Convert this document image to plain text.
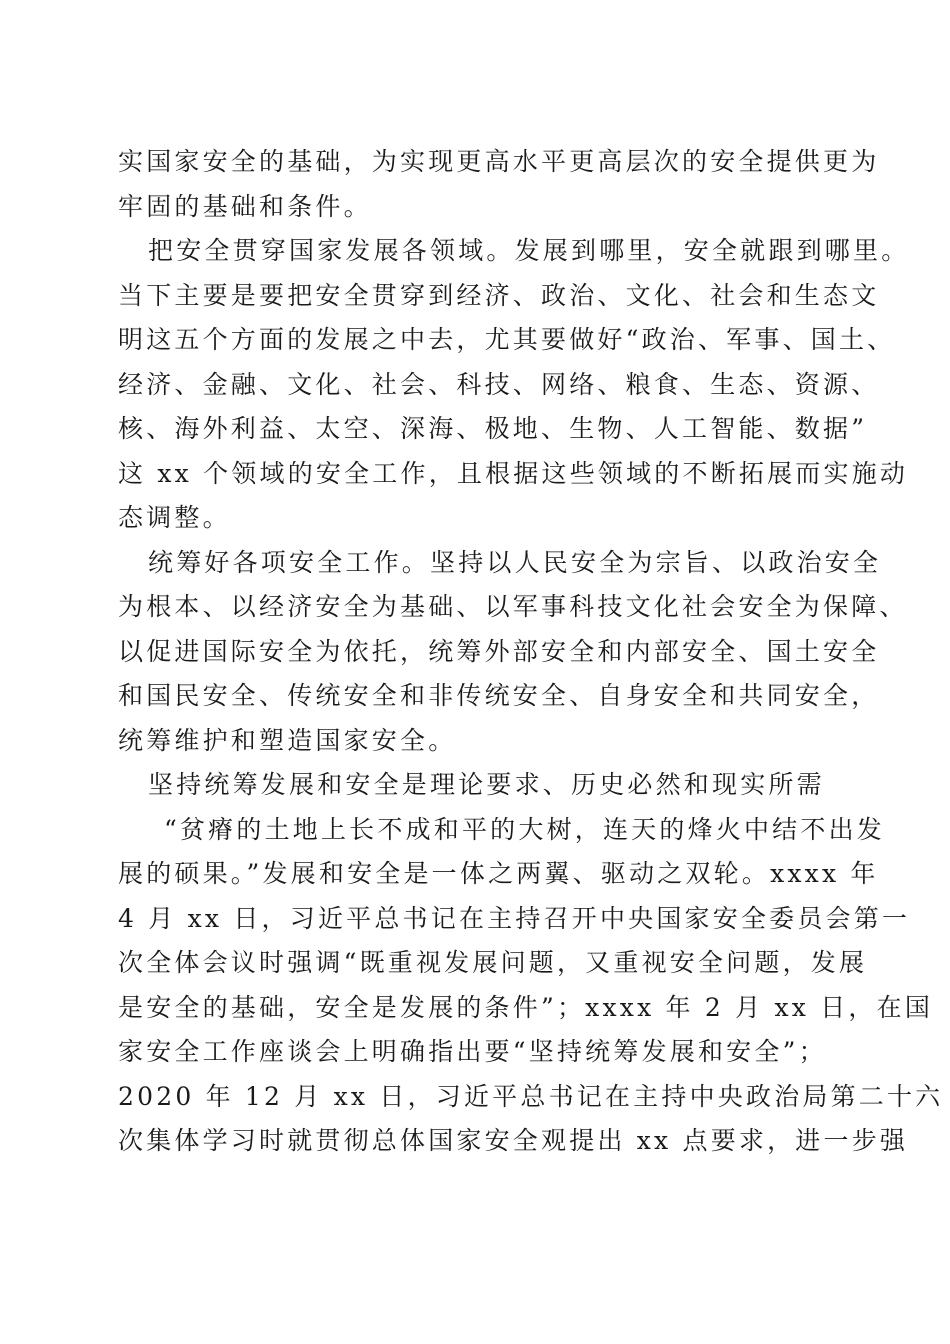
实国家安全的基础，为实现更高水平更高层次的安全提供更为
牢固的基础和条件。
把安全贯穿国家发展各领域。发展到哪里，安全就跟到哪里。
当下主要是要把安全贯穿到经济、政治、文化、社会和生态文
明这五个方面的发展之中去，尤其要做好“政治、军事、国土、
经济、金融、文化、社会、科技、网络、粮食、生态、资源、
核、海外利益、太空、深海、极地、生物、人工智能、数据”
这 xx 个领域的安全工作，且根据这些领域的不断拓展而实施动
态调整。
统筹好各项安全工作。坚持以人民安全为宗旨、以政治安全
为根本、以经济安全为基础、以军事科技文化社会安全为保障、
以促进国际安全为依托，统筹外部安全和内部安全、国土安全
和国民安全、传统安全和非传统安全、自身安全和共同安全，
统筹维护和塑造国家安全。
坚持统筹发展和安全是理论要求、历史必然和现实所需
“贫瘠的土地上长不成和平的大树，连天的烽火中结不出发
展的硕果。”发展和安全是一体之两翼、驱动之双轮。xxxx 年
4 月 xx 日，习近平总书记在主持召开中央国家安全委员会第一
次全体会议时强调“既重视发展问题，又重视安全问题，发展
是安全的基础，安全是发展的条件”；xxxx 年 2 月 xx 日，在国
家安全工作座谈会上明确指出要“坚持统筹发展和安全”；
2020 年 12 月 xx 日，习近平总书记在主持中央政治局第二十六
次集体学习时就贯彻总体国家安全观提出 xx 点要求，进一步强
